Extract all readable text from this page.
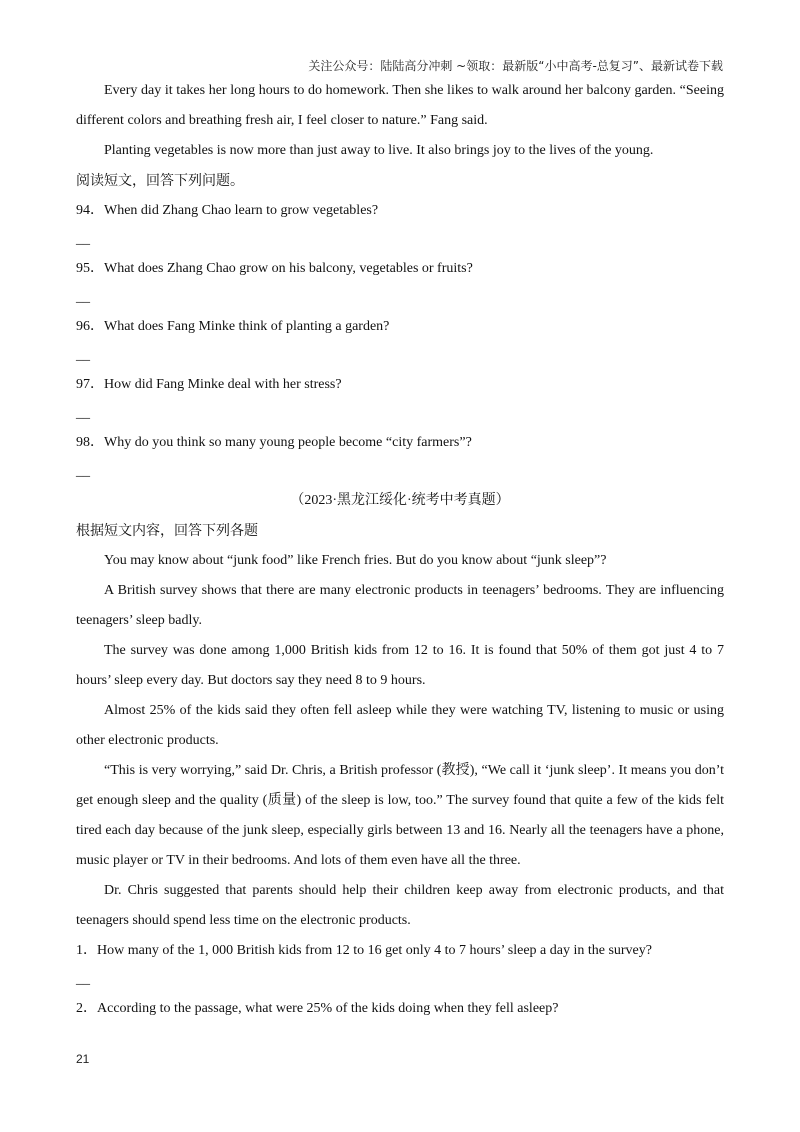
关注公众号：陆陆高分冲刺 ~领取：最新版“小中高考-总复习”、最新试卷下载

Every day it takes her long hours to do homework. Then she likes to walk around her balcony garden. “Seeing different colors and breathing fresh air, I feel closer to nature.” Fang said.

Planting vegetables is now more than just away to live. It also brings joy to the lives of the young.

阅读短文，回答下列问题。

94．When did Zhang Chao learn to grow vegetables?

__

95．What does Zhang Chao grow on his balcony, vegetables or fruits?

__

96．What does Fang Minke think of planting a garden?

__

97．How did Fang Minke deal with her stress?

__

98．Why do you think so many young people become “city farmers”?

__

（2023·黑龙江绥化·统考中考真题）

根据短文内容，回答下列各题

You may know about “junk food” like French fries. But do you know about “junk sleep”?

A British survey shows that there are many electronic products in teenagers’ bedrooms. They are influencing teenagers’ sleep badly.

The survey was done among 1,000 British kids from 12 to 16. It is found that 50% of them got just 4 to 7 hours’ sleep every day. But doctors say they need 8 to 9 hours.

Almost 25% of the kids said they often fell asleep while they were watching TV, listening to music or using other electronic products.

“This is very worrying,” said Dr. Chris, a British professor (教授), “We call it ‘junk sleep’. It means you don’t get enough sleep and the quality (质量) of the sleep is low, too.” The survey found that quite a few of the kids felt tired each day because of the junk sleep, especially girls between 13 and 16. Nearly all the teenagers have a phone, music player or TV in their bedrooms. And lots of them even have all the three.

Dr. Chris suggested that parents should help their children keep away from electronic products, and that teenagers should spend less time on the electronic products.

1．How many of the 1, 000 British kids from 12 to 16 get only 4 to 7 hours’ sleep a day in the survey?

__

2．According to the passage, what were 25% of the kids doing when they fell asleep?

21
